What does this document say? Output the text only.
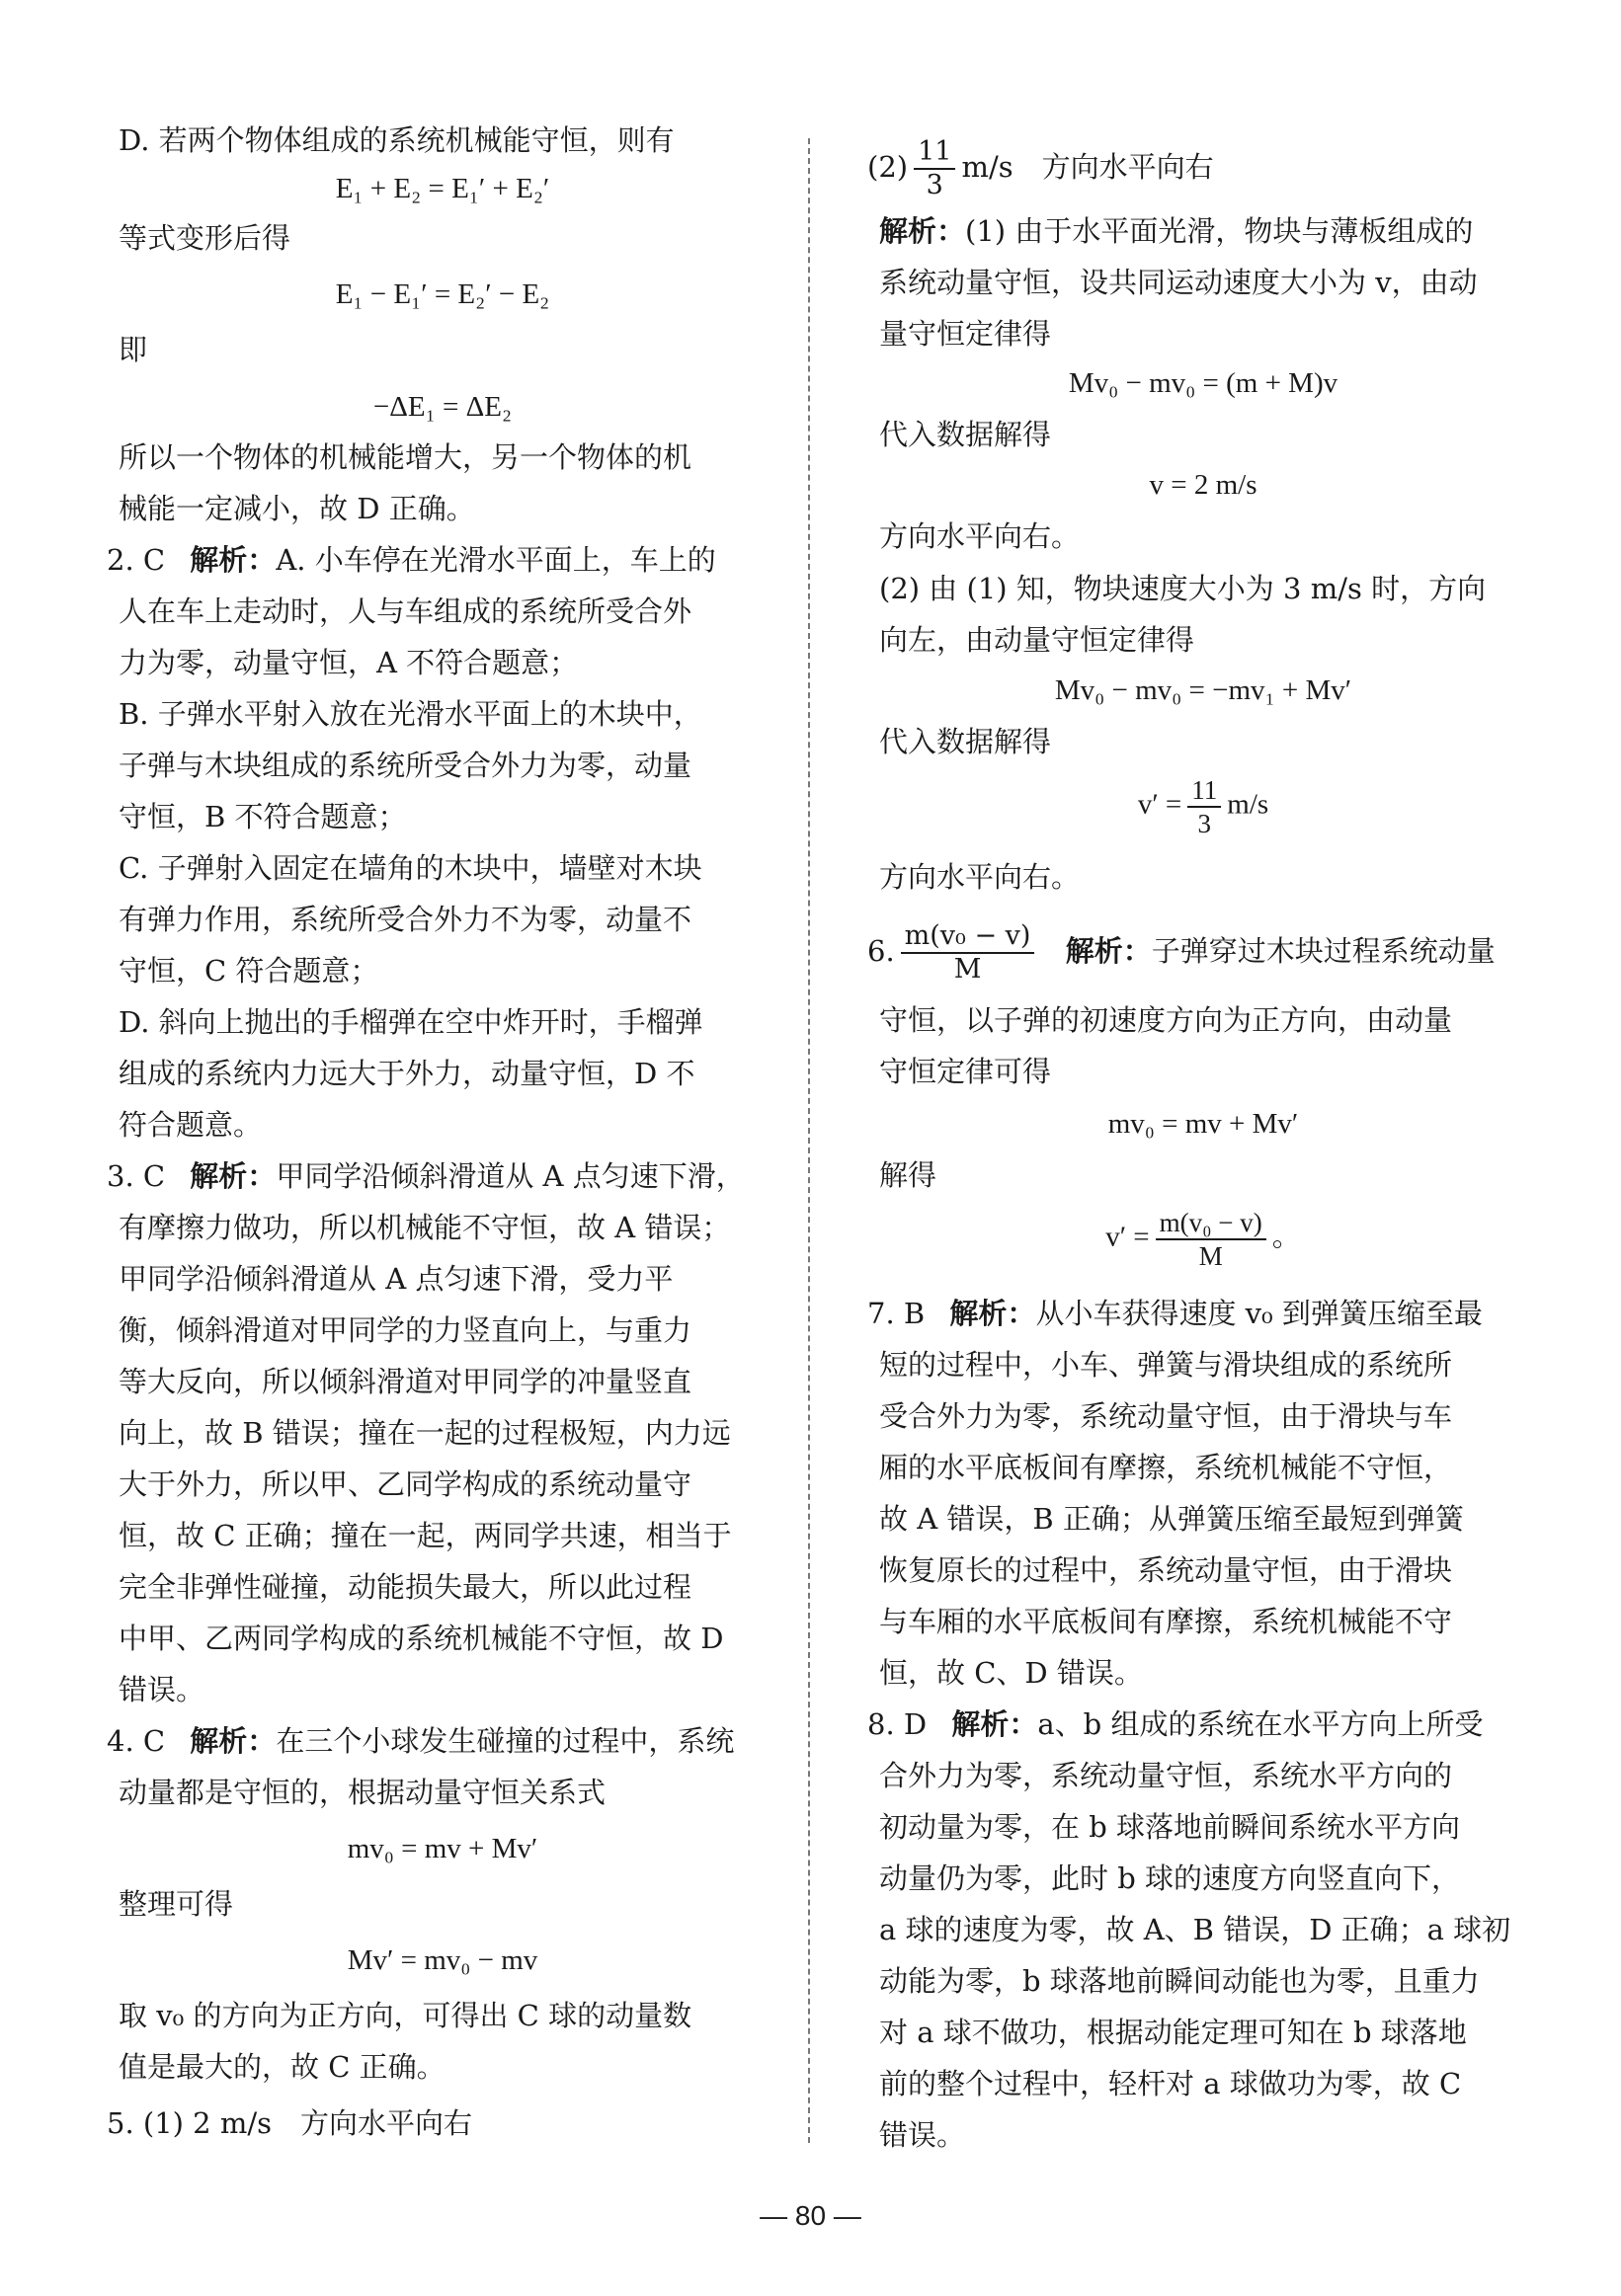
D. 若两个物体组成的系统机械能守恒，则有
E₁ + E₂ = E₁′ + E₂′
等式变形后得
E₁ − E₁′ = E₂′ − E₂
即
−ΔE₁ = ΔE₂
所以一个物体的机械能增大，另一个物体的机
械能一定减小，故 D 正确。
2. C 解析：A. 小车停在光滑水平面上，车上的
人在车上走动时，人与车组成的系统所受合外
力为零，动量守恒，A 不符合题意；
B. 子弹水平射入放在光滑水平面上的木块中，
子弹与木块组成的系统所受合外力为零，动量
守恒，B 不符合题意；
C. 子弹射入固定在墙角的木块中，墙壁对木块
有弹力作用，系统所受合外力不为零，动量不
守恒，C 符合题意；
D. 斜向上抛出的手榴弹在空中炸开时，手榴弹
组成的系统内力远大于外力，动量守恒，D 不
符合题意。
3. C 解析：甲同学沿倾斜滑道从 A 点匀速下滑，
有摩擦力做功，所以机械能不守恒，故 A 错误；
甲同学沿倾斜滑道从 A 点匀速下滑，受力平
衡，倾斜滑道对甲同学的力竖直向上，与重力
等大反向，所以倾斜滑道对甲同学的冲量竖直
向上，故 B 错误；撞在一起的过程极短，内力远
大于外力，所以甲、乙同学构成的系统动量守
恒，故 C 正确；撞在一起，两同学共速，相当于
完全非弹性碰撞，动能损失最大，所以此过程
中甲、乙两同学构成的系统机械能不守恒，故 D
错误。
4. C 解析：在三个小球发生碰撞的过程中，系统
动量都是守恒的，根据动量守恒关系式
mv₀ = mv + Mv′
整理可得
Mv′ = mv₀ − mv
取 v₀ 的方向为正方向，可得出 C 球的动量数
值是最大的，故 C 正确。
5. (1) 2 m/s　方向水平向右
$(2) \frac{11}{3} m/s$　方向水平向右
解析：(1) 由于水平面光滑，物块与薄板组成的
系统动量守恒，设共同运动速度大小为 v，由动
量守恒定律得
Mv₀ − mv₀ = (m + M)v
代入数据解得
v = 2 m/s
方向水平向右。
(2) 由 (1) 知，物块速度大小为 3 m/s 时，方向
向左，由动量守恒定律得
Mv₀ − mv₀ = −mv₁ + Mv′
代入数据解得
$v' = \frac{11}{3} m/s$
方向水平向右。
6. $\frac{\text{m(v₀ − v)}}{M}$ 解析：子弹穿过木块过程系统动量
守恒，以子弹的初速度方向为正方向，由动量
守恒定律可得
mv₀ = mv + Mv′
解得
$v' = \frac{\text{m(v₀ − v)}}{M}$ 。
7. B 解析：从小车获得速度 v₀ 到弹簧压缩至最
短的过程中，小车、弹簧与滑块组成的系统所
受合外力为零，系统动量守恒，由于滑块与车
厢的水平底板间有摩擦，系统机械能不守恒，
故 A 错误，B 正确；从弹簧压缩至最短到弹簧
恢复原长的过程中，系统动量守恒，由于滑块
与车厢的水平底板间有摩擦，系统机械能不守
恒，故 C、D 错误。
8. D 解析：a、b 组成的系统在水平方向上所受
合外力为零，系统动量守恒，系统水平方向的
初动量为零，在 b 球落地前瞬间系统水平方向
动量仍为零，此时 b 球的速度方向竖直向下，
a 球的速度为零，故 A、B 错误，D 正确；a 球初
动能为零，b 球落地前瞬间动能也为零，且重力
对 a 球不做功，根据动能定理可知在 b 球落地
前的整个过程中，轻杆对 a 球做功为零，故 C
错误。
— 80 —
